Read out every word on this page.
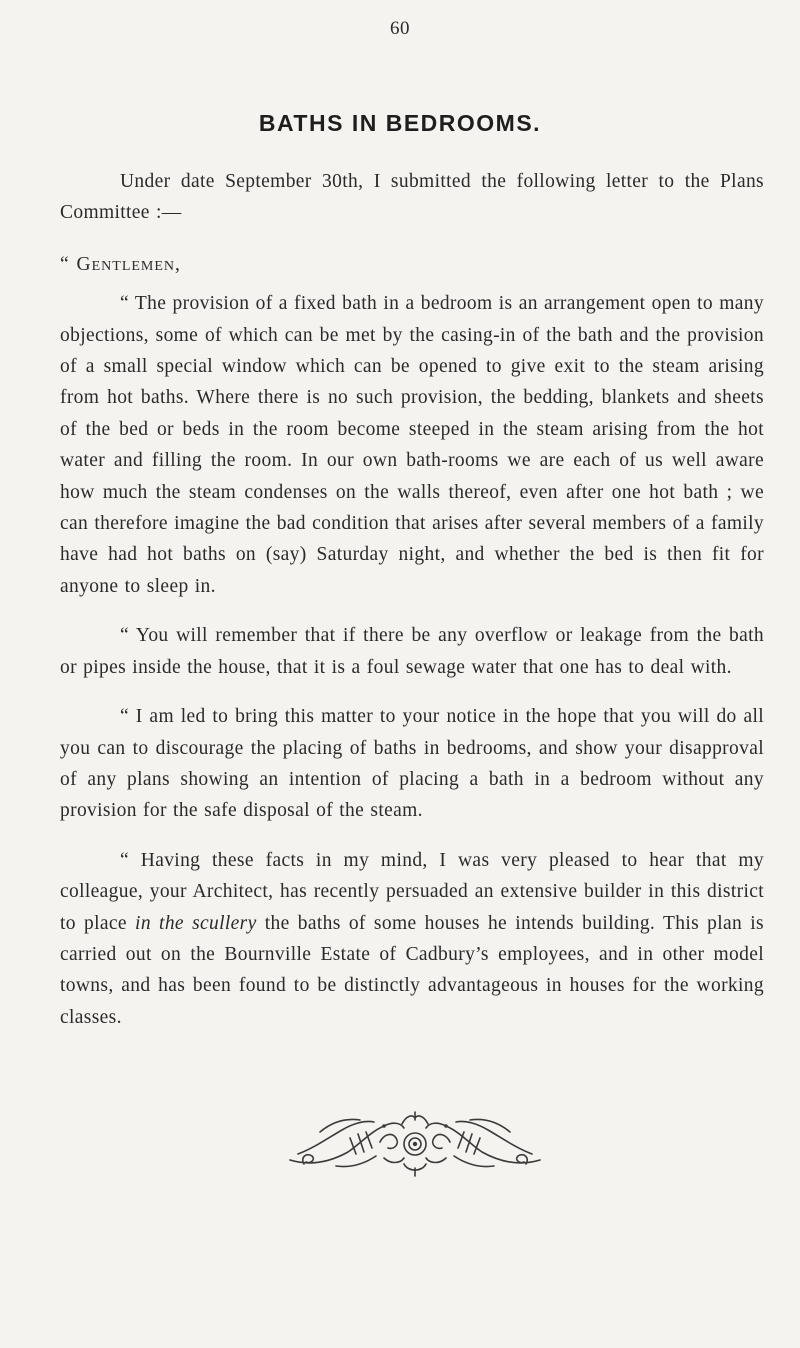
60
BATHS IN BEDROOMS.

Under date September 30th, I submitted the following letter to the Plans Committee :—

“ Gentlemen,

“ The provision of a fixed bath in a bedroom is an arrangement open to many objections, some of which can be met by the casing-in of the bath and the provision of a small special window which can be opened to give exit to the steam arising from hot baths. Where there is no such provision, the bedding, blankets and sheets of the bed or beds in the room become steeped in the steam arising from the hot water and filling the room. In our own bath-rooms we are each of us well aware how much the steam condenses on the walls thereof, even after one hot bath ; we can therefore imagine the bad condition that arises after several members of a family have had hot baths on (say) Saturday night, and whether the bed is then fit for anyone to sleep in.

“ You will remember that if there be any overflow or leakage from the bath or pipes inside the house, that it is a foul sewage water that one has to deal with.

“ I am led to bring this matter to your notice in the hope that you will do all you can to discourage the placing of baths in bedrooms, and show your disapproval of any plans showing an intention of placing a bath in a bedroom without any provision for the safe disposal of the steam.

“ Having these facts in my mind, I was very pleased to hear that my colleague, your Architect, has recently persuaded an extensive builder in this district to place in the scullery the baths of some houses he intends building. This plan is carried out on the Bournville Estate of Cadbury’s employees, and in other model towns, and has been found to be distinctly advantageous in houses for the working classes.
